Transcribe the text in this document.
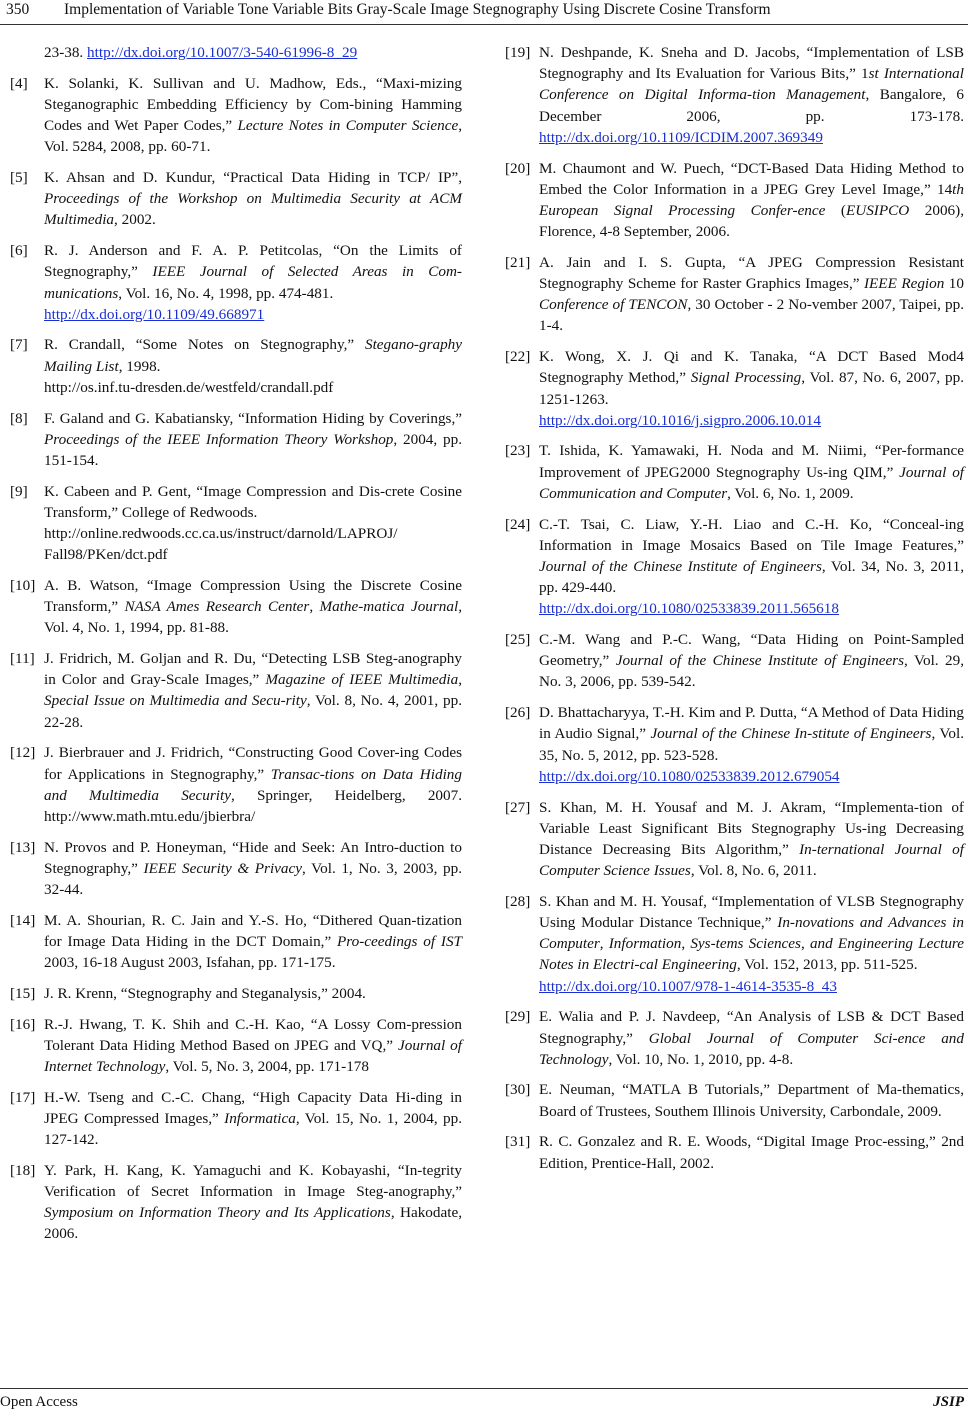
350 Implementation of Variable Tone Variable Bits Gray-Scale Image Stegnography Using Discrete Cosine Transform
23-38. http://dx.doi.org/10.1007/3-540-61996-8_29
[4]	K. Solanki, K. Sullivan and U. Madhow, Eds., “Maxi-mizing Steganographic Embedding Efficiency by Com-bining Hamming Codes and Wet Paper Codes,” Lecture Notes in Computer Science, Vol. 5284, 2008, pp. 60-71.
[5]	K. Ahsan and D. Kundur, “Practical Data Hiding in TCP/ IP”, Proceedings of the Workshop on Multimedia Security at ACM Multimedia, 2002.
[6]	R. J. Anderson and F. A. P. Petitcolas, “On the Limits of Stegnography,” IEEE Journal of Selected Areas in Com-munications, Vol. 16, No. 4, 1998, pp. 474-481.
http://dx.doi.org/10.1109/49.668971
[7]	R. Crandall, “Some Notes on Stegnography,” Stegano-graphy Mailing List, 1998.
http://os.inf.tu-dresden.de/westfeld/crandall.pdf
[8]	F. Galand and G. Kabatiansky, “Information Hiding by Coverings,” Proceedings of the IEEE Information Theory Workshop, 2004, pp. 151-154.
[9]	K. Cabeen and P. Gent, “Image Compression and Dis-crete Cosine Transform,” College of Redwoods.
http://online.redwoods.cc.ca.us/instruct/darnold/LAPROJ/ Fall98/PKen/dct.pdf
[10] A. B. Watson, “Image Compression Using the Discrete Cosine Transform,” NASA Ames Research Center, Mathe-matica Journal, Vol. 4, No. 1, 1994, pp. 81-88.
[11] J. Fridrich, M. Goljan and R. Du, “Detecting LSB Steg-anography in Color and Gray-Scale Images,” Magazine of IEEE Multimedia, Special Issue on Multimedia and Secu-rity, Vol. 8, No. 4, 2001, pp. 22-28.
[12] J. Bierbrauer and J. Fridrich, “Constructing Good Cover-ing Codes for Applications in Stegnography,” Transac-tions on Data Hiding and Multimedia Security, Springer, Heidelberg, 2007. http://www.math.mtu.edu/jbierbra/
[13] N. Provos and P. Honeyman, “Hide and Seek: An Intro-duction to Stegnography,” IEEE Security & Privacy, Vol. 1, No. 3, 2003, pp. 32-44.
[14] M. A. Shourian, R. C. Jain and Y.-S. Ho, “Dithered Quan-tization for Image Data Hiding in the DCT Domain,” Pro-ceedings of IST 2003, 16-18 August 2003, Isfahan, pp. 171-175.
[15] J. R. Krenn, “Stegnography and Steganalysis,” 2004.
[16] R.-J. Hwang, T. K. Shih and C.-H. Kao, “A Lossy Com-pression Tolerant Data Hiding Method Based on JPEG and VQ,” Journal of Internet Technology, Vol. 5, No. 3, 2004, pp. 171-178
[17] H.-W. Tseng and C.-C. Chang, “High Capacity Data Hi-ding in JPEG Compressed Images,” Informatica, Vol. 15, No. 1, 2004, pp. 127-142.
[18] Y. Park, H. Kang, K. Yamaguchi and K. Kobayashi, “In-tegrity Verification of Secret Information in Image Steg-anography,” Symposium on Information Theory and Its Applications, Hakodate, 2006.
[19] N. Deshpande, K. Sneha and D. Jacobs, “Implementation of LSB Stegnography and Its Evaluation for Various Bits,” 1st International Conference on Digital Informa-tion Management, Bangalore, 6 December 2006, pp. 173-178. http://dx.doi.org/10.1109/ICDIM.2007.369349
[20] M. Chaumont and W. Puech, “DCT-Based Data Hiding Method to Embed the Color Information in a JPEG Grey Level Image,” 14th European Signal Processing Confer-ence (EUSIPCO 2006), Florence, 4-8 September, 2006.
[21] A. Jain and I. S. Gupta, “A JPEG Compression Resistant Stegnography Scheme for Raster Graphics Images,” IEEE Region 10 Conference of TENCON, 30 October - 2 No-vember 2007, Taipei, pp. 1-4.
[22] K. Wong, X. J. Qi and K. Tanaka, “A DCT Based Mod4 Stegnography Method,” Signal Processing, Vol. 87, No. 6, 2007, pp. 1251-1263.
http://dx.doi.org/10.1016/j.sigpro.2006.10.014
[23] T. Ishida, K. Yamawaki, H. Noda and M. Niimi, “Per-formance Improvement of JPEG2000 Stegnography Us-ing QIM,” Journal of Communication and Computer, Vol. 6, No. 1, 2009.
[24] C.-T. Tsai, C. Liaw, Y.-H. Liao and C.-H. Ko, “Conceal-ing Information in Image Mosaics Based on Tile Image Features,” Journal of the Chinese Institute of Engineers, Vol. 34, No. 3, 2011, pp. 429-440.
http://dx.doi.org/10.1080/02533839.2011.565618
[25] C.-M. Wang and P.-C. Wang, “Data Hiding on Point-Sampled Geometry,” Journal of the Chinese Institute of Engineers, Vol. 29, No. 3, 2006, pp. 539-542.
[26] D. Bhattacharyya, T.-H. Kim and P. Dutta, “A Method of Data Hiding in Audio Signal,” Journal of the Chinese In-stitute of Engineers, Vol. 35, No. 5, 2012, pp. 523-528.
http://dx.doi.org/10.1080/02533839.2012.679054
[27] S. Khan, M. H. Yousaf and M. J. Akram, “Implementa-tion of Variable Least Significant Bits Stegnography Us-ing Decreasing Distance Decreasing Bits Algorithm,” In-ternational Journal of Computer Science Issues, Vol. 8, No. 6, 2011.
[28] S. Khan and M. H. Yousaf, “Implementation of VLSB Stegnography Using Modular Distance Technique,” In-novations and Advances in Computer, Information, Sys-tems Sciences, and Engineering Lecture Notes in Electri-cal Engineering, Vol. 152, 2013, pp. 511-525.
http://dx.doi.org/10.1007/978-1-4614-3535-8_43
[29] E. Walia and P. J. Navdeep, “An Analysis of LSB & DCT Based Stegnography,” Global Journal of Computer Sci-ence and Technology, Vol. 10, No. 1, 2010, pp. 4-8.
[30] E. Neuman, “MATLA B Tutorials,” Department of Ma-thematics, Board of Trustees, Southem Illinois University, Carbondale, 2009.
[31] R. C. Gonzalez and R. E. Woods, “Digital Image Proc-essing,” 2nd Edition, Prentice-Hall, 2002.
Open Access	JSIP
